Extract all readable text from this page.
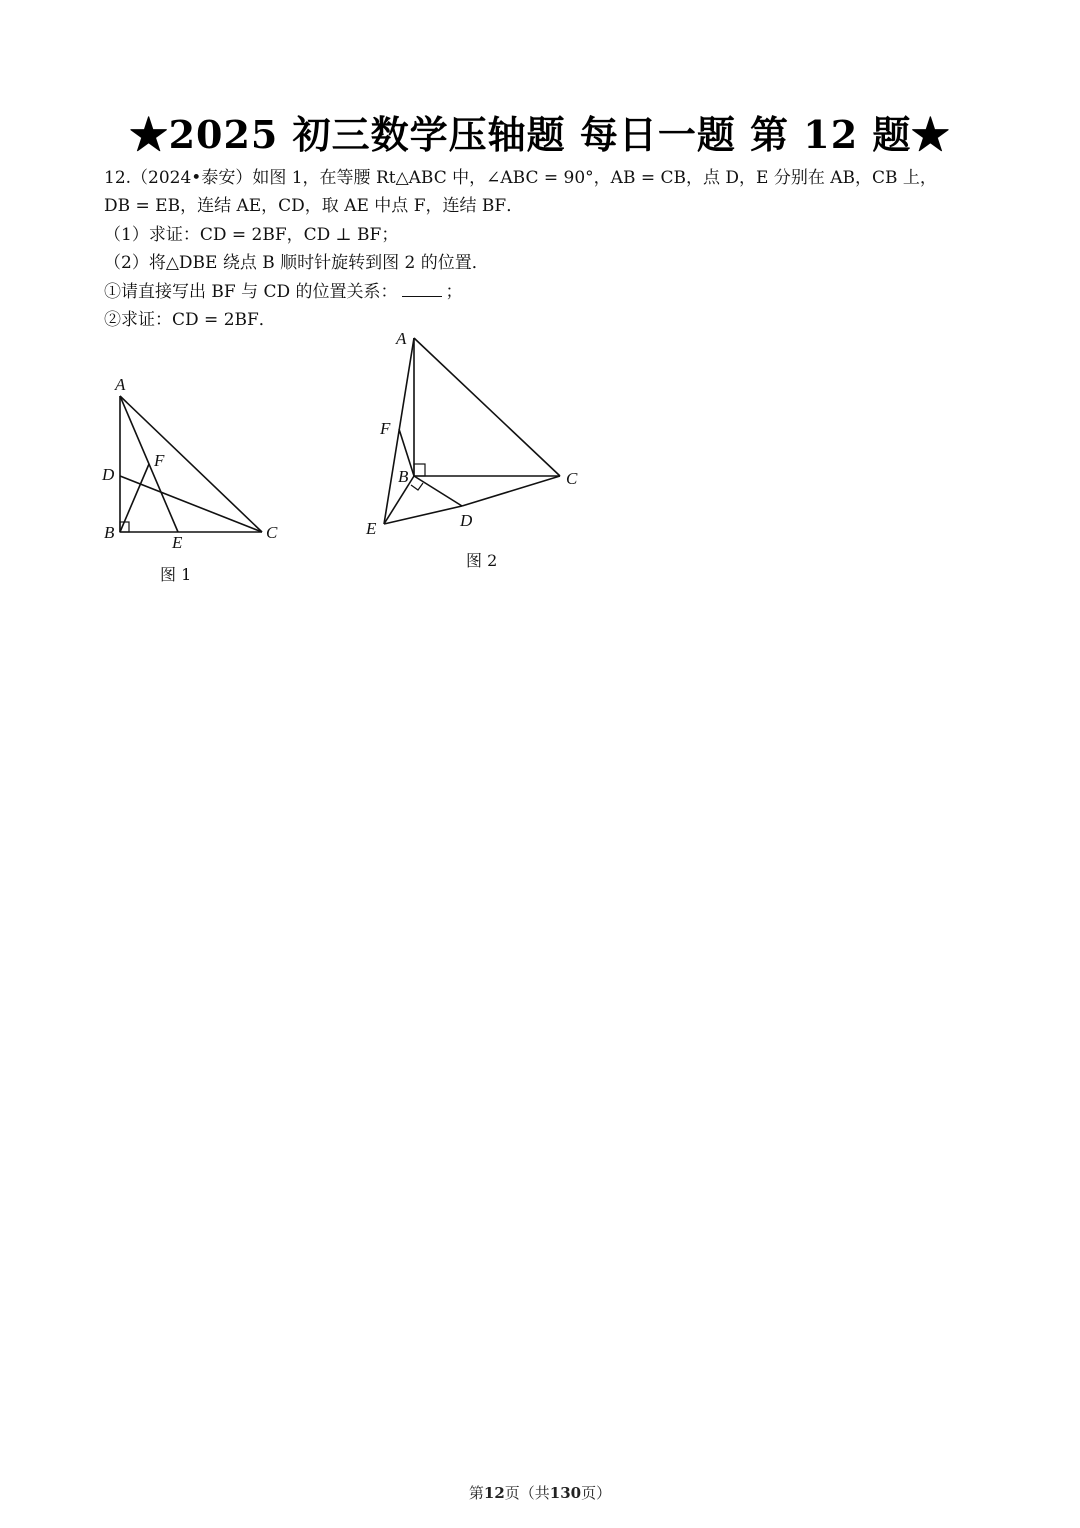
★2025 初三数学压轴题 每日一题 第 12 题★
12.（2024•泰安）如图 1，在等腰 Rt△ABC 中，∠ABC = 90°，AB = CB，点 D，E 分别在 AB，CB 上，
DB = EB，连结 AE，CD，取 AE 中点 F，连结 BF．
（1）求证：CD = 2BF，CD ⊥ BF；
（2）将△DBE 绕点 B 顺时针旋转到图 2 的位置．
①请直接写出 BF 与 CD 的位置关系：	；
②求证：CD = 2BF．
A
D
F
B
E
C
图 1
A
F
B	C
D
E
图 2
第12页（共130页）
